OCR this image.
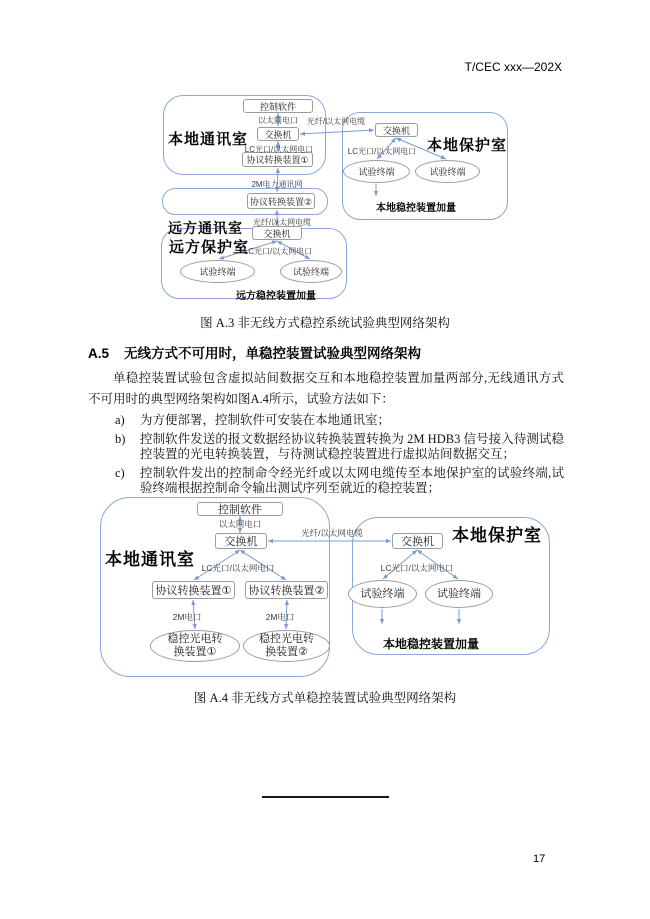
T/CEC xxx—202X
远方通讯室
本地通讯室
远方保护室
本地保护室
控制软件
交换机
协议转换装置①
协议转换装置②
交换机
交换机
试验终端	试验终端
试验终端	试验终端
以太网电口 光纤/以太网电缆
LC光口/以太网电口
2M电力通讯网
LC光口/以太网电口
光纤/以太网电缆
LC光口/以太网电口
本地稳控装置加量
远方稳控装置加量
图 A.3 非无线方式稳控系统试验典型网络架构
A.5 无线方式不可用时，单稳控装置试验典型网络架构

单稳控装置试验包含虚拟站间数据交互和本地稳控装置加量两部分,无线通讯方式不可用时的典型网络架构如图A.4所示，试验方法如下：

a)	为方便部署，控制软件可安装在本地通讯室；
b)	控制软件发送的报文数据经协议转换装置转换为 2M HDB3 信号接入待测试稳控装置的光电转换装置，与待测试稳控装置进行虚拟站间数据交互；
c)	控制软件发出的控制命令经光纤或以太网电缆传至本地保护室的试验终端,试验终端根据控制命令输出测试序列至就近的稳控装置；
本地通讯室
本地保护室
控制软件
交换机	交换机
协议转换装置①	协议转换装置②
稳控光电转
换装置①
稳控光电转
换装置②
试验终端	试验终端
以太网电口
光纤/以太网电缆
LC光口/以太网电口	LC光口/以太网电口
2M电口	2M电口
本地稳控装置加量
图 A.4 非无线方式单稳控装置试验典型网络架构
17
